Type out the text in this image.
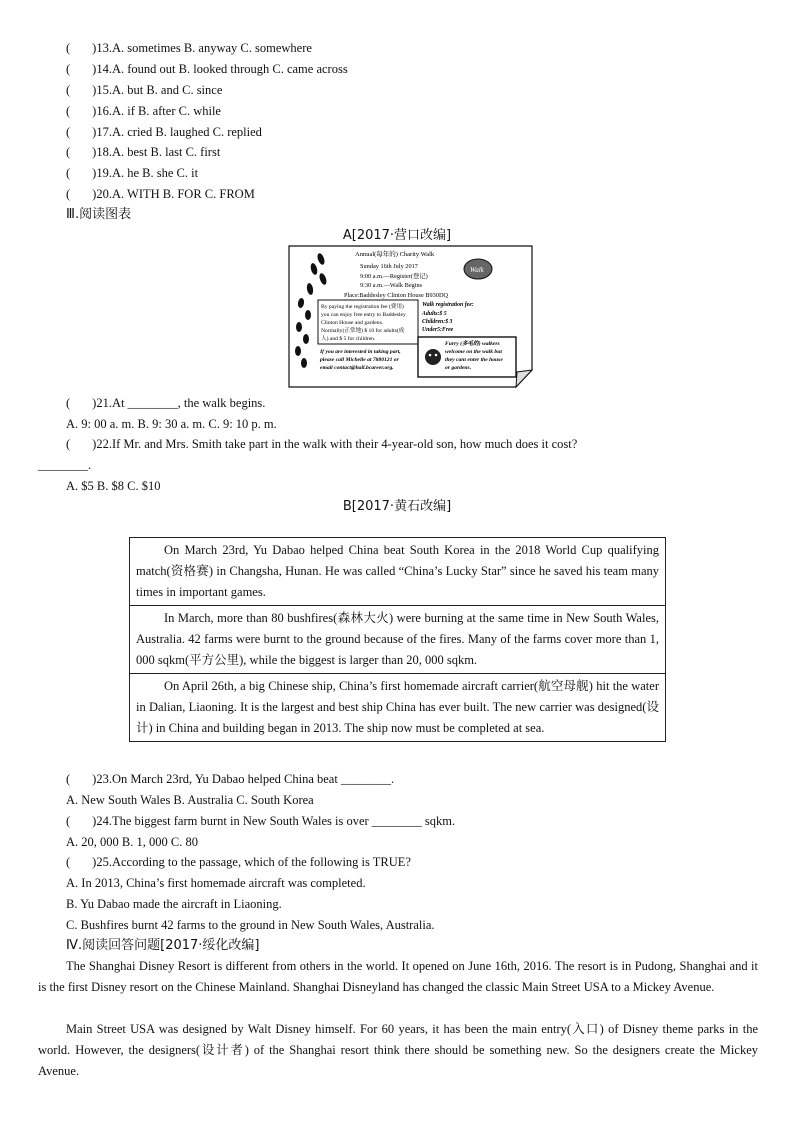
( )13.A. sometimes B. anyway C. somewhere
( )14.A. found out B. looked through C. came across
( )15.A. but B. and C. since
( )16.A. if B. after C. while
( )17.A. cried B. laughed C. replied
( )18.A. best B. last C. first
( )19.A. he B. she C. it
( )20.A. WITH B. FOR C. FROM
Ⅲ.阅读图表
A[2017·营口改编]
Annual(每年的) Charity Walk
Sunday 16th July 2017
9:00 a.m.—Register(登记)
9:30 a.m.—Walk Begins
Place:Baddesley Clinton House B930DQ
Walk
By paying the registration fee (费用)
you can enjoy free entry to Baddesley
Clinton House and gardens.
Normally(正常地) $ 10 for adults(成
人) and $ 5 for children.
Walk registration fee:
Adults:$ 5
Children:$ 3
Under5:Free
If you are interested in taking part,
please call Michelle at 7880121 or
email contact@hall.bcareer.org.
Furry (多毛的) walkers
welcome on the walk but
they cant enter the house
or gardens.
( )21.At ________, the walk begins.
A. 9: 00 a. m. B. 9: 30 a. m. C. 9: 10 p. m.
( )22.If Mr. and Mrs. Smith take part in the walk with their 4-year-old son, how much does it cost?
________.
A. $5 B. $8 C. $10
B[2017·黄石改编]
On March 23rd, Yu Dabao helped China beat South Korea in the 2018 World Cup qualifying match(资格赛) in Changsha, Hunan. He was called “China’s Lucky Star” since he saved his team many times in important games.
In March, more than 80 bushfires(森林大火) were burning at the same time in New South Wales, Australia. 42 farms were burnt to the ground because of the fires. Many of the farms cover more than 1, 000 sqkm(平方公里), while the biggest is larger than 20, 000 sqkm.
On April 26th, a big Chinese ship, China’s first homemade aircraft carrier(航空母舰) hit the water in Dalian, Liaoning. It is the largest and best ship China has ever built. The new carrier was designed(设计) in China and building began in 2013. The ship now must be completed at sea.
( )23.On March 23rd, Yu Dabao helped China beat ________.
A. New South Wales B. Australia C. South Korea
( )24.The biggest farm burnt in New South Wales is over ________ sqkm.
A. 20, 000 B. 1, 000 C. 80
( )25.According to the passage, which of the following is TRUE?
A. In 2013, China’s first homemade aircraft was completed.
B. Yu Dabao made the aircraft in Liaoning.
C. Bushfires burnt 42 farms to the ground in New South Wales, Australia.
Ⅳ.阅读回答问题[2017·绥化改编]
The Shanghai Disney Resort is different from others in the world. It opened on June 16th, 2016. The resort is in Pudong, Shanghai and it is the first Disney resort on the Chinese Mainland. Shanghai Disneyland has changed the classic Main Street USA to a Mickey Avenue.
Main Street USA was designed by Walt Disney himself. For 60 years, it has been the main entry(入口) of Disney theme parks in the world. However, the designers(设计者) of the Shanghai resort think there should be something new. So the designers create the Mickey Avenue.
